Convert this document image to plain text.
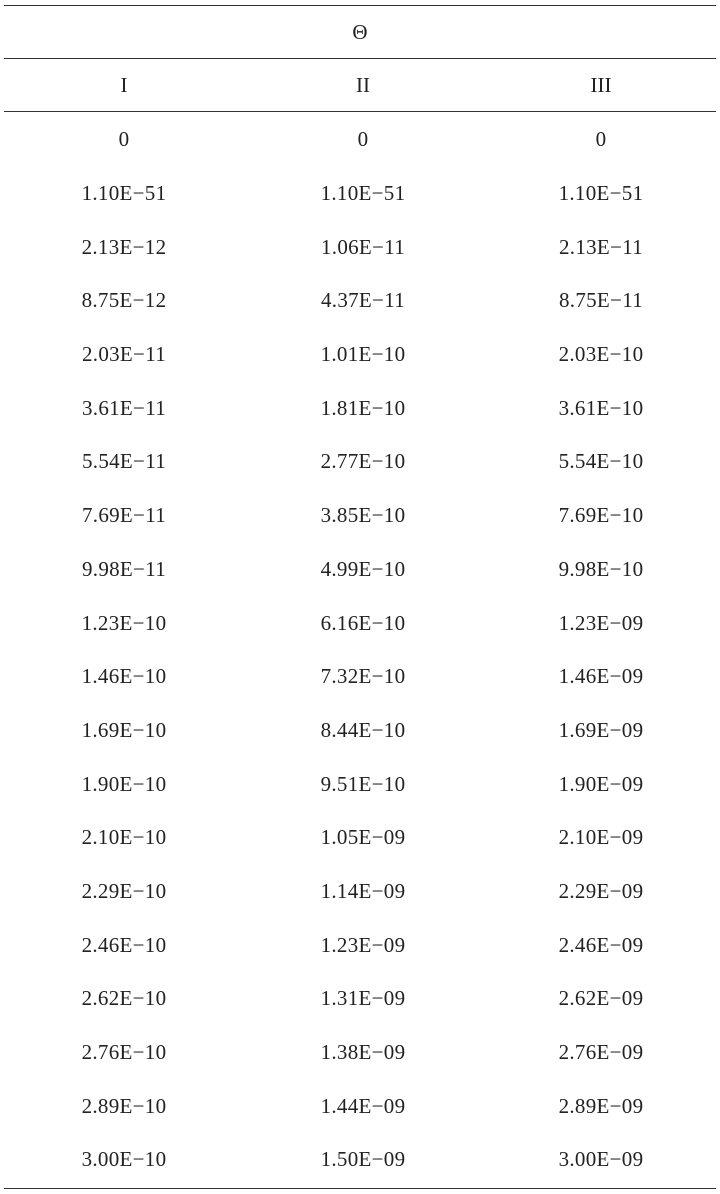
Θ
I	II	III
0	0	0
1.10E−51	1.10E−51	1.10E−51
2.13E−12	1.06E−11	2.13E−11
8.75E−12	4.37E−11	8.75E−11
2.03E−11	1.01E−10	2.03E−10
3.61E−11	1.81E−10	3.61E−10
5.54E−11	2.77E−10	5.54E−10
7.69E−11	3.85E−10	7.69E−10
9.98E−11	4.99E−10	9.98E−10
1.23E−10	6.16E−10	1.23E−09
1.46E−10	7.32E−10	1.46E−09
1.69E−10	8.44E−10	1.69E−09
1.90E−10	9.51E−10	1.90E−09
2.10E−10	1.05E−09	2.10E−09
2.29E−10	1.14E−09	2.29E−09
2.46E−10	1.23E−09	2.46E−09
2.62E−10	1.31E−09	2.62E−09
2.76E−10	1.38E−09	2.76E−09
2.89E−10	1.44E−09	2.89E−09
3.00E−10	1.50E−09	3.00E−09
